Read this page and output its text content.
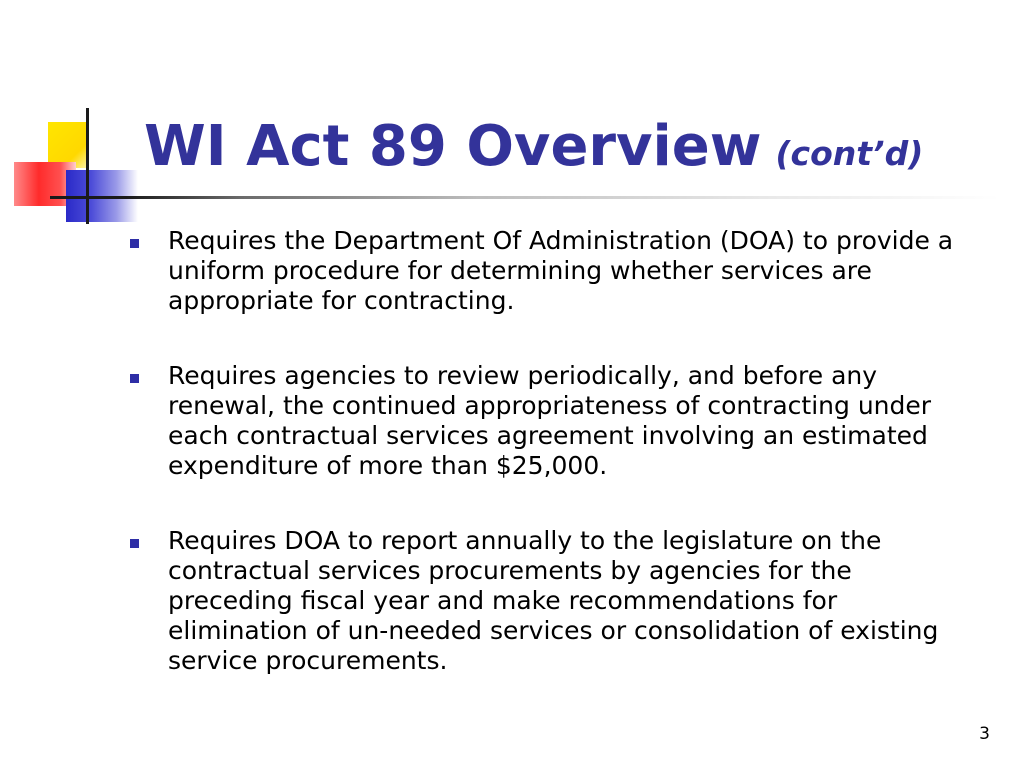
WI Act 89 Overview (cont’d)
Requires the Department Of Administration (DOA) to provide a uniform procedure for determining whether services are appropriate for contracting.
Requires agencies to review periodically, and before any renewal, the continued appropriateness of contracting under each contractual services agreement involving an estimated expenditure of more than $25,000.
Requires DOA to report annually to the legislature on the contractual services procurements by agencies for the preceding fiscal year and make recommendations for elimination of un-needed services or consolidation of existing service procurements.
3
